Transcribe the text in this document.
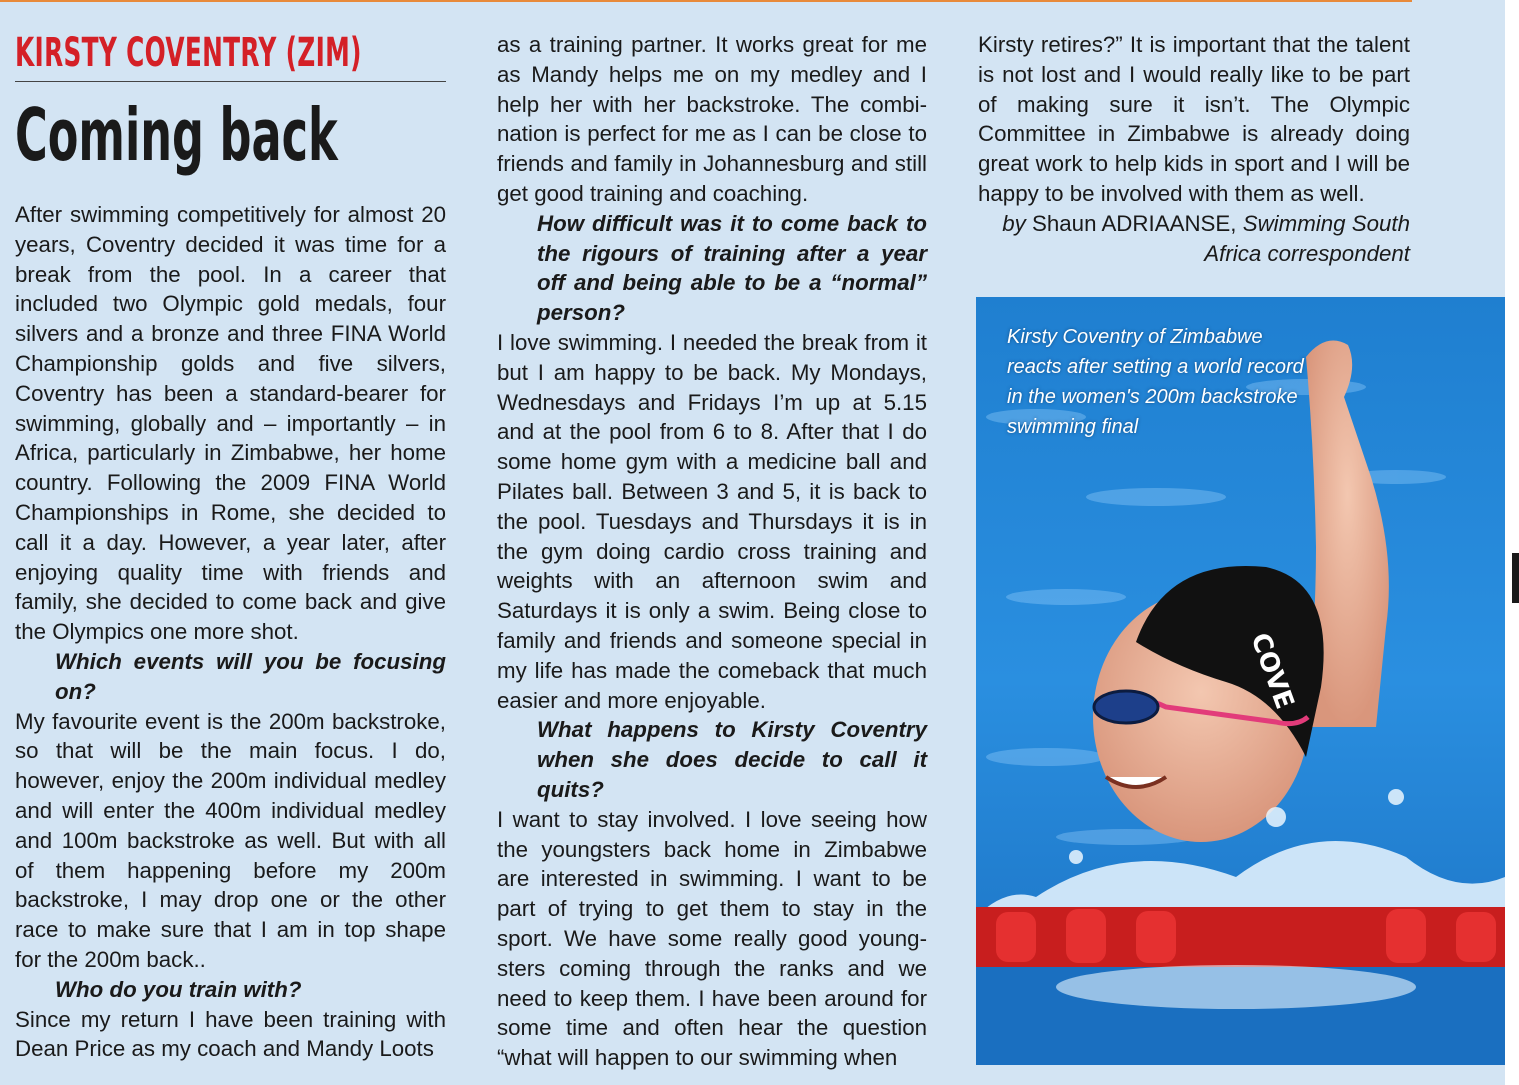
KIRSTY COVENTRY (ZIM)
Coming back

After swimming competitively for almost 20 years, Coventry decided it was time for a break from the pool. In a career that included two Olympic gold medals, four silvers and a bronze and three FINA World Championship golds and five silvers, Coventry has been a standard-bearer for swimming, globally and – importantly – in Africa, particularly in Zimbabwe, her home country. Following the 2009 FINA World Championships in Rome, she decided to call it a day. However, a year later, after enjoying quality time with friends and family, she decided to come back and give the Olympics one more shot.

Which events will you be focusing on?

My favourite event is the 200m backstroke, so that will be the main focus. I do, however, enjoy the 200m individual medley and will enter the 400m individual medley and 100m backstroke as well. But with all of them happening before my 200m backstroke, I may drop one or the other race to make sure that I am in top shape for the 200m back..

Who do you train with?

Since my return I have been training with Dean Price as my coach and Mandy Loots

as a training partner. It works great for me as Mandy helps me on my medley and I help her with her backstroke. The combination is perfect for me as I can be close to friends and family in Johannesburg and still get good training and coaching.

How difficult was it to come back to the rigours of training after a year off and being able to be a “normal” person?

I love swimming. I needed the break from it but I am happy to be back. My Mondays, Wednesdays and Fridays I’m up at 5.15 and at the pool from 6 to 8. After that I do some home gym with a medicine ball and Pilates ball. Between 3 and 5, it is back to the pool. Tuesdays and Thursdays it is in the gym doing cardio cross training and weights with an afternoon swim and Saturdays it is only a swim. Being close to family and friends and someone special in my life has made the comeback that much easier and more enjoyable.

What happens to Kirsty Coventry when she does decide to call it quits?

I want to stay involved. I love seeing how the youngsters back home in Zimbabwe are interested in swimming. I want to be part of trying to get them to stay in the sport. We have some really good youngsters coming through the ranks and we need to keep them. I have been around for some time and often hear the question “what will happen to our swimming when

Kirsty retires?” It is important that the talent is not lost and I would really like to be part of making sure it isn’t. The Olympic Committee in Zimbabwe is already doing great work to help kids in sport and I will be happy to be involved with them as well.

by Shaun ADRIAANSE, Swimming South Africa correspondent

COVE
Kirsty Coventry of Zimbabwe reacts after setting a world record in the women's 200m backstroke swimming final
